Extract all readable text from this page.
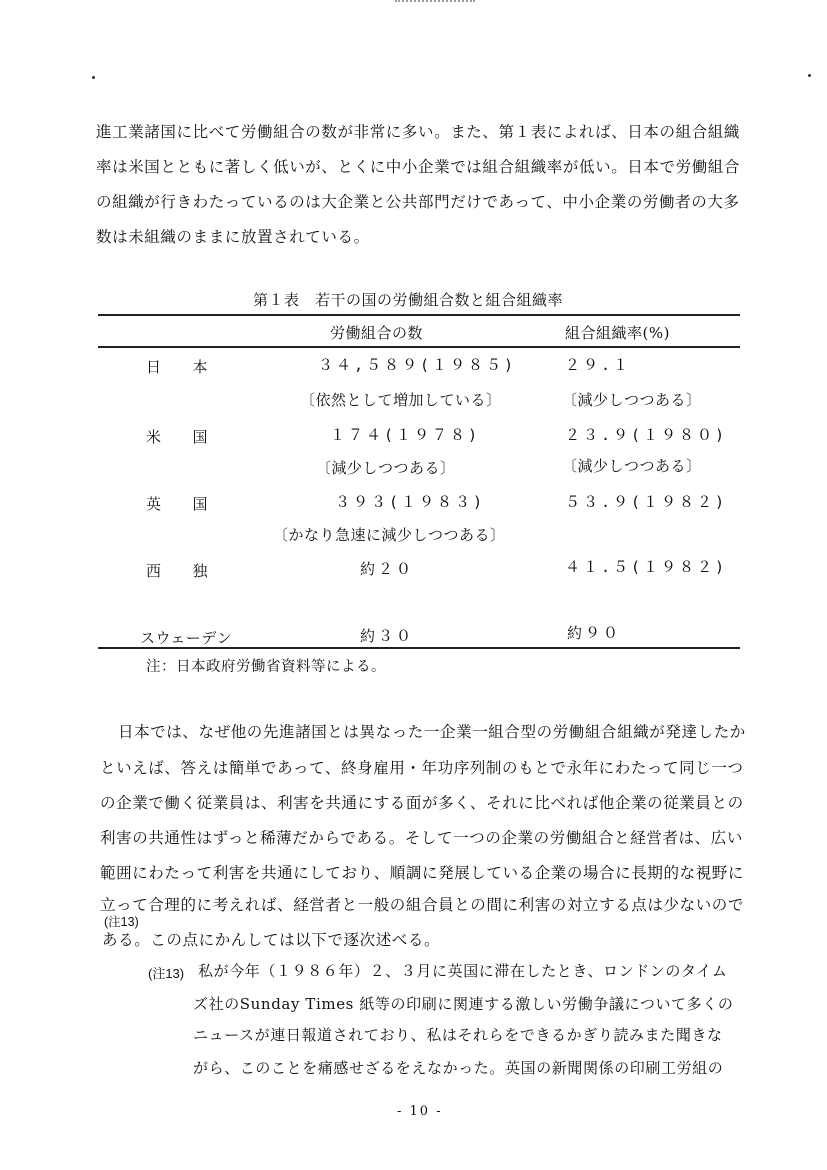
進工業諸国に比べて労働組合の数が非常に多い。また、第１表によれば、日本の組合組織
率は米国とともに著しく低いが、とくに中小企業では組合組織率が低い。日本で労働組合
の組織が行きわたっているのは大企業と公共部門だけであって、中小企業の労働者の大多
数は未組織のままに放置されている。
第１表　若干の国の労働組合数と組合組織率
労働組合の数	組合組織率(%)
日　　本	３４,５８９(１９８５)	２９.１
〔依然として増加している〕	〔減少しつつある〕
米　　国	１７４(１９７８)	２３.９(１９８０)
〔減少しつつある〕	〔減少しつつある〕
英　　国	３９３(１９８３)	５３.９(１９８２)
〔かなり急速に減少しつつある〕
西　　独	約２０	４１.５(１９８２)
スウェーデン	約３０	約９０
注：日本政府労働省資料等による。
日本では、なぜ他の先進諸国とは異なった一企業一組合型の労働組合組織が発達したか
といえば、答えは簡単であって、終身雇用・年功序列制のもとで永年にわたって同じ一つ
の企業で働く従業員は、利害を共通にする面が多く、それに比べれば他企業の従業員との
利害の共通性はずっと稀薄だからである。そして一つの企業の労働組合と経営者は、広い
範囲にわたって利害を共通にしており、順調に発展している企業の場合に長期的な視野に
立って合理的に考えれば、経営者と一般の組合員との間に利害の対立する点は少ないので
(注13)
ある。この点にかんしては以下で逐次述べる。
(注13) 私が今年（１９８６年）２、３月に英国に滞在したとき、ロンドンのタイム
ズ社のSunday Times 紙等の印刷に関連する激しい労働争議について多くの
ニュースが連日報道されており、私はそれらをできるかぎり読みまた聞きな
がら、このことを痛感せざるをえなかった。英国の新聞関係の印刷工労組の
- 10 -
